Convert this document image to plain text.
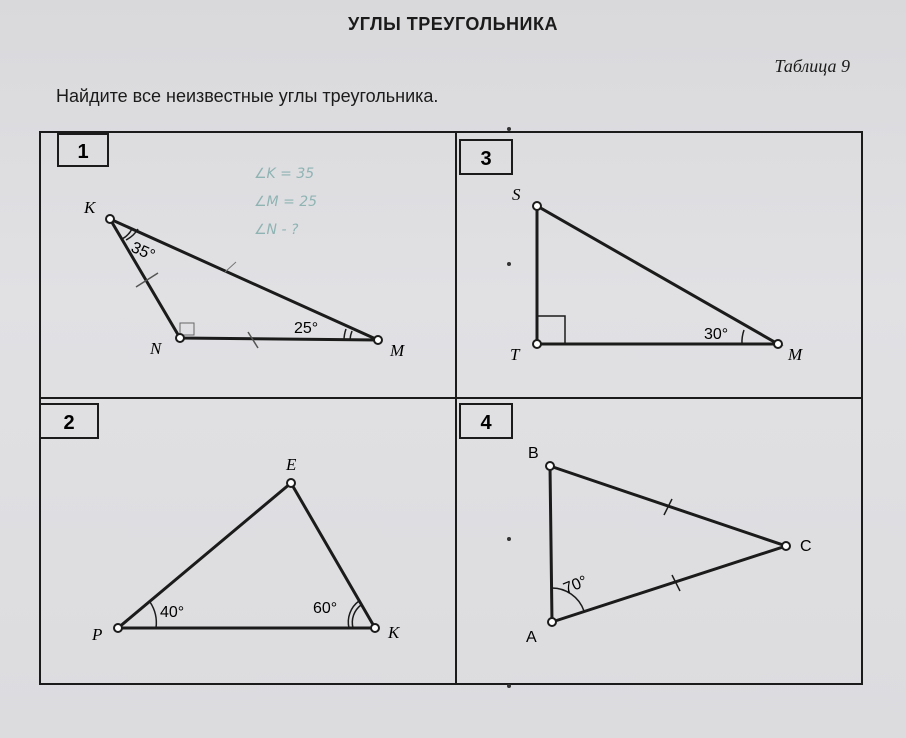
УГЛЫ ТРЕУГОЛЬНИКА
Таблица 9
Найдите все неизвестные углы треугольника.
1	3
2	4
K
N	M
35°
25°
∠K = 35
∠M = 25
∠N - ?
S
T	M
30°
E
P	K
40°	60°
B
C
A
70°
